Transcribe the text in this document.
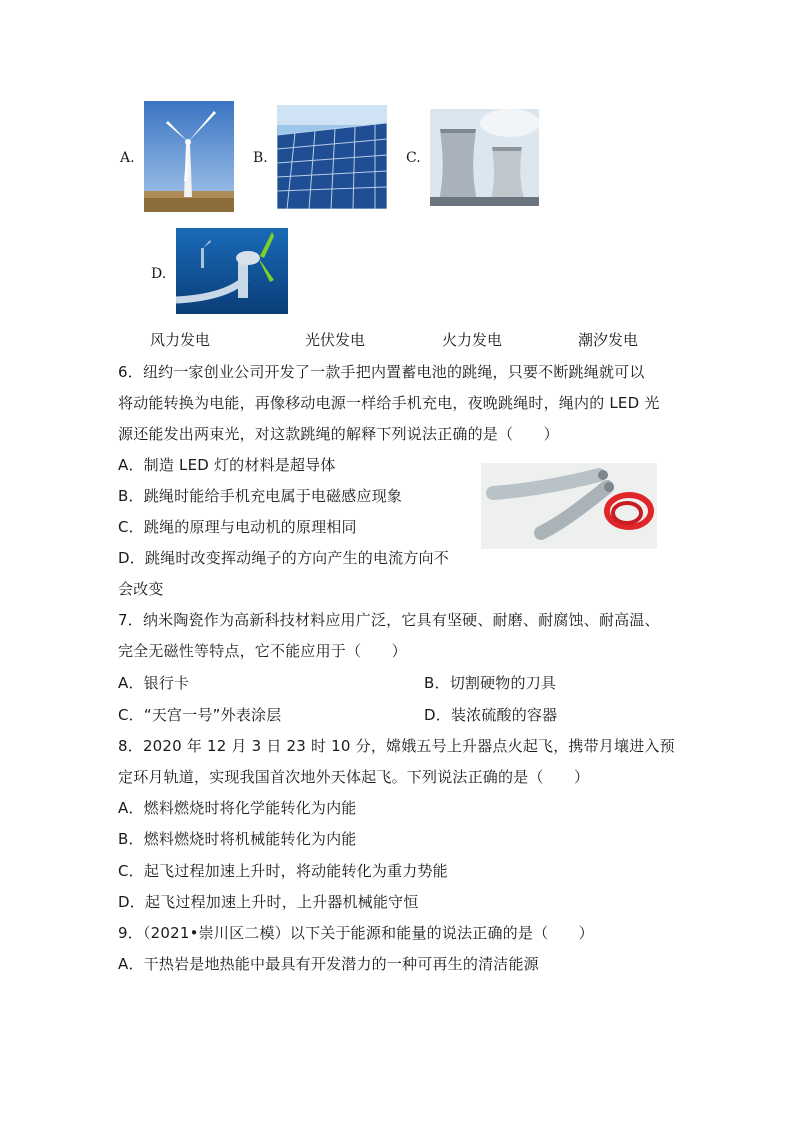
A.	B.	C.
D.
风力发电	光伏发电	火力发电	潮汐发电
6．纽约一家创业公司开发了一款手把内置蓄电池的跳绳，只要不断跳绳就可以
将动能转换为电能，再像移动电源一样给手机充电，夜晚跳绳时，绳内的 LED 光
源还能发出两束光，对这款跳绳的解释下列说法正确的是（　　）
A．制造 LED 灯的材料是超导体
B．跳绳时能给手机充电属于电磁感应现象
C．跳绳的原理与电动机的原理相同
D．跳绳时改变挥动绳子的方向产生的电流方向不
会改变
7．纳米陶瓷作为高新科技材料应用广泛，它具有坚硬、耐磨、耐腐蚀、耐高温、
完全无磁性等特点，它不能应用于（　　）
A．银行卡	B．切割硬物的刀具
C．“天宫一号”外表涂层	D．装浓硫酸的容器
8．2020 年 12 月 3 日 23 时 10 分，嫦娥五号上升器点火起飞，携带月壤进入预
定环月轨道，实现我国首次地外天体起飞。下列说法正确的是（　　）
A．燃料燃烧时将化学能转化为内能
B．燃料燃烧时将机械能转化为内能
C．起飞过程加速上升时，将动能转化为重力势能
D．起飞过程加速上升时，上升器机械能守恒
9．（2021•崇川区二模）以下关于能源和能量的说法正确的是（　　）
A．干热岩是地热能中最具有开发潜力的一种可再生的清洁能源
